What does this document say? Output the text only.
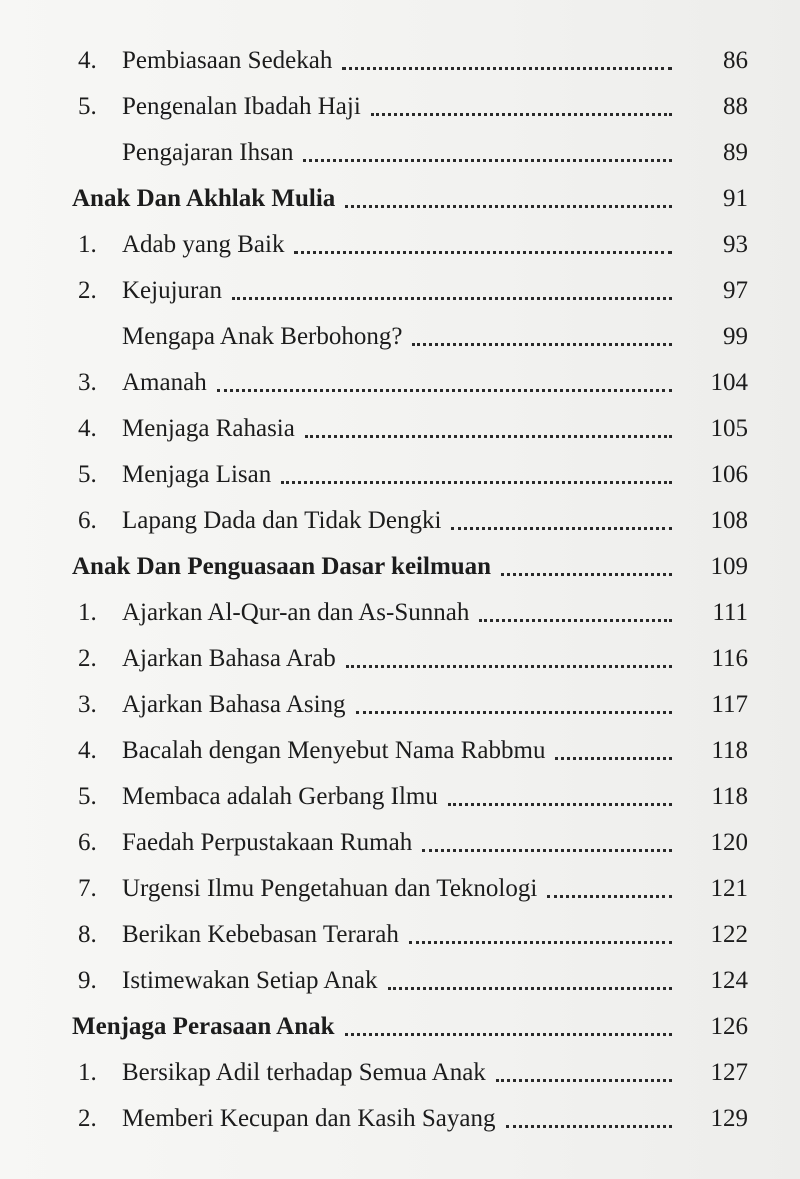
4.	Pembiasaan Sedekah	86
5.	Pengenalan Ibadah Haji	88
Pengajaran Ihsan	89
Anak Dan Akhlak Mulia	91
1.	Adab yang Baik	93
2.	Kejujuran	97
Mengapa Anak Berbohong?	99
3.	Amanah	104
4.	Menjaga Rahasia	105
5.	Menjaga Lisan	106
6.	Lapang Dada dan Tidak Dengki	108
Anak Dan Penguasaan Dasar keilmuan	109
1.	Ajarkan Al-Qur-an dan As-Sunnah	111
2.	Ajarkan Bahasa Arab	116
3.	Ajarkan Bahasa Asing	117
4.	Bacalah dengan Menyebut Nama Rabbmu	118
5.	Membaca adalah Gerbang Ilmu	118
6.	Faedah Perpustakaan Rumah	120
7.	Urgensi Ilmu Pengetahuan dan Teknologi	121
8.	Berikan Kebebasan Terarah	122
9.	Istimewakan Setiap Anak	124
Menjaga Perasaan Anak	126
1.	Bersikap Adil terhadap Semua Anak	127
2.	Memberi Kecupan dan Kasih Sayang	129
